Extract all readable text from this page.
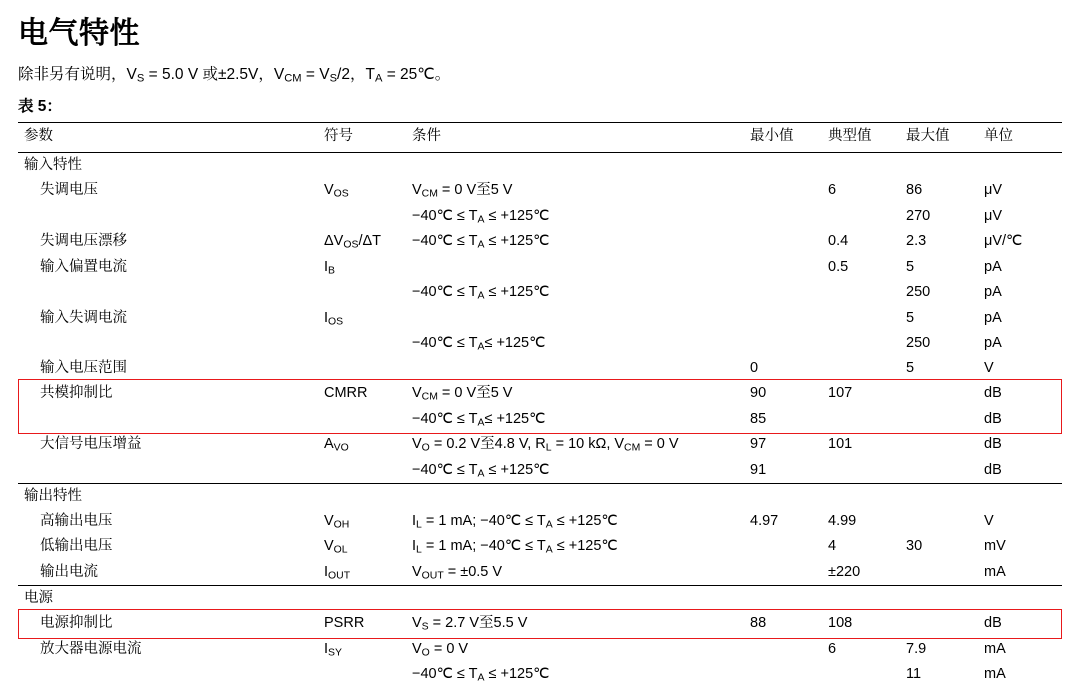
电气特性
除非另有说明，$V_S = 5.0$ V 或±2.5V，$V_{CM} = V_S/2$，$T_A$ = 25℃。
表 5：
参数	符号	条件	最小值	典型值	最大值	单位
输入特性						
失调电压	$V_{OS}$	$V_{CM} = 0$ V至5 V		6	86	μV
		−40℃ ≤ $T_A$ ≤ +125℃			270	μV
失调电压漂移	$\Delta V_{OS}/\Delta T$	−40℃ ≤ $T_A$ ≤ +125℃		0.4	2.3	μV/℃
输入偏置电流	$I_B$			0.5	5	pA
		−40℃ ≤ $T_A$ ≤ +125℃			250	pA
输入失调电流	$I_{OS}$				5	pA
		−40℃ ≤ $T_A\le$ +125℃			250	pA
输入电压范围			0		5	V
共模抑制比	CMRR	$V_{CM} = 0$ V至5 V	90	107		dB
		−40℃ ≤ $T_A\le$ +125℃	85			dB
大信号电压增益	$A_{VO}$	$V_O = 0.2$ V至4.8 V, $R_L = 10$ kΩ, $V_{CM} = 0$ V	97	101		dB
		−40℃ ≤ $T_A$ ≤ +125℃	91			dB
输出特性						
高输出电压	$V_{OH}$	$I_L = 1$ mA; −40℃ ≤ $T_A$ ≤ +125℃	4.97	4.99		V
低输出电压	$V_{OL}$	$I_L = 1$ mA; −40℃ ≤ $T_A$ ≤ +125℃		4	30	mV
输出电流	$I_{OUT}$	$V_{OUT} = \pm 0.5$ V		±220		mA
电源						
电源抑制比	PSRR	$V_S = 2.7$ V至5.5 V	88	108		dB
放大器电源电流	$I_{SY}$	$V_O = 0$ V		6	7.9	mA
		−40℃ ≤ $T_A$ ≤ +125℃			11	mA
